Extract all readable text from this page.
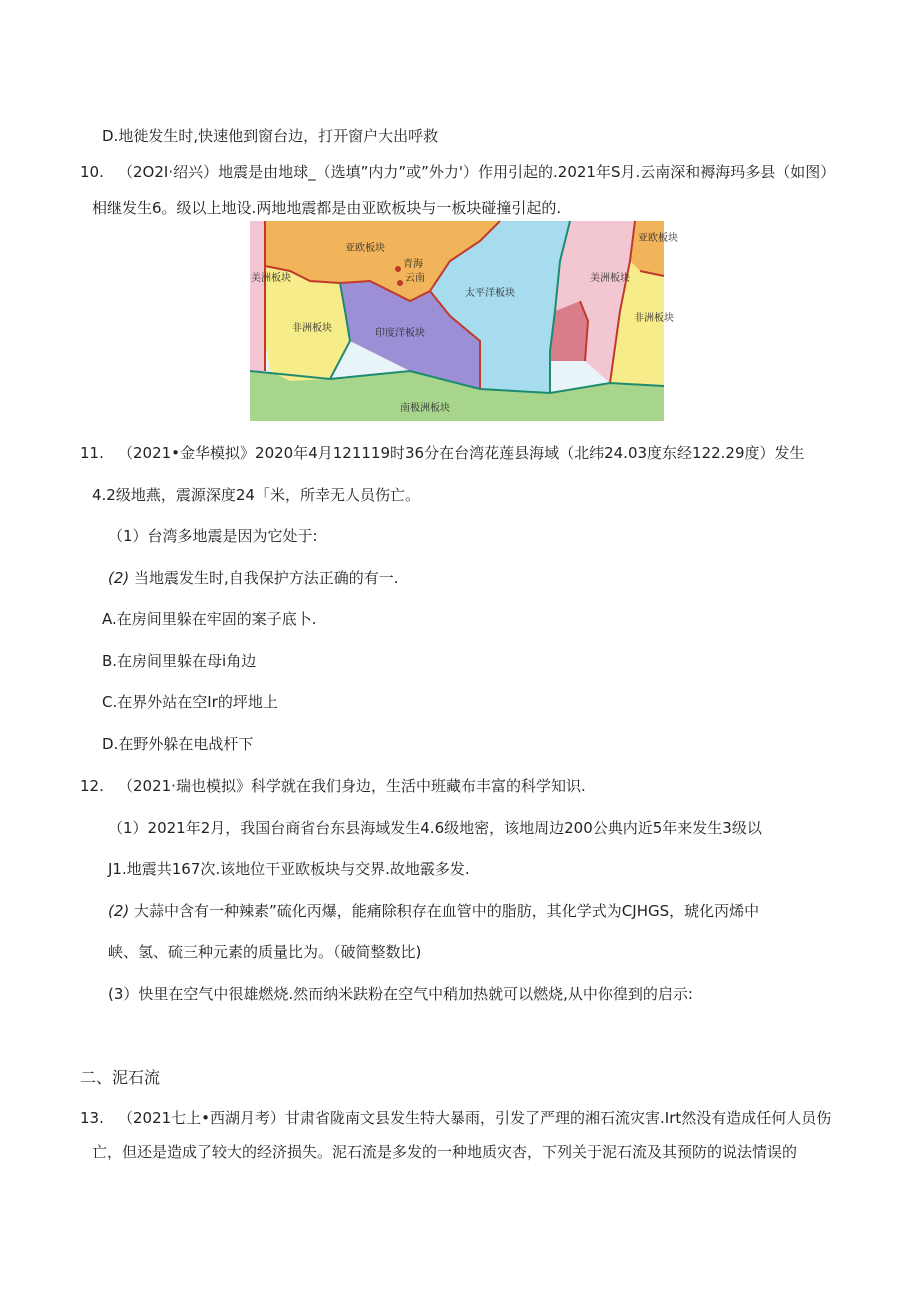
D.地徙发生时,快速他到窗台边，打开窗户大出呼救
10. （2O2I·绍兴）地震是由地球_（选填”内力”或”外力'）作用引起的.2021年S月.云南深和褥海玛多县（如图）
相继发生6。级以上地设.两地地震都是由亚欧板块与一板块碰撞引起的.
亚欧板块
非洲板块	印度洋板块
太平洋板块
美洲板块
南极洲板块
亚欧板块
非洲板块
美洲板块	云南
青海
11. （2021•金华模拟》2020年4月121119时36分在台湾花莲县海域（北纬24.03度东经122.29度）发生
4.2级地燕，震源深度24「米，所幸无人员伤亡。
（1）台湾多地震是因为它处于:
(2) 当地震发生时,自我保护方法正确的有一.
A.在房间里躲在牢固的案子底卜.
B.在房间里躲在母i角边
C.在界外站在空Ir的坪地上
D.在野外躲在电战杆下
12. （2021·瑞也模拟》科学就在我们身边，生活中班藏布丰富的科学知识.
（1）2021年2月，我国台商省台东县海域发生4.6级地密，该地周边200公典内近5年来发生3级以
J1.地震共167次.该地位干亚欧板块与交界.故地霰多发.
(2) 大蒜中含有一种辣素”硫化丙爆，能痛除积存在血管中的脂肪，其化学式为CJHGS，琥化丙烯中
峡、氢、硫三种元素的质量比为。（破简整数比)
(3）快里在空气中很雄燃烧.然而纳米趺粉在空气中稍加热就可以燃烧,从中你徨到的启示:
二、泥石流
13. （2021七上•西湖月考）甘肃省陇南文县发生特大暴雨，引发了严理的湘石流灾害.Irt然没有造成任何人员伤
亡，但还是造成了较大的经济损失。泥石流是多发的一种地质灾杏，下列关于泥石流及其预防的说法情误的
